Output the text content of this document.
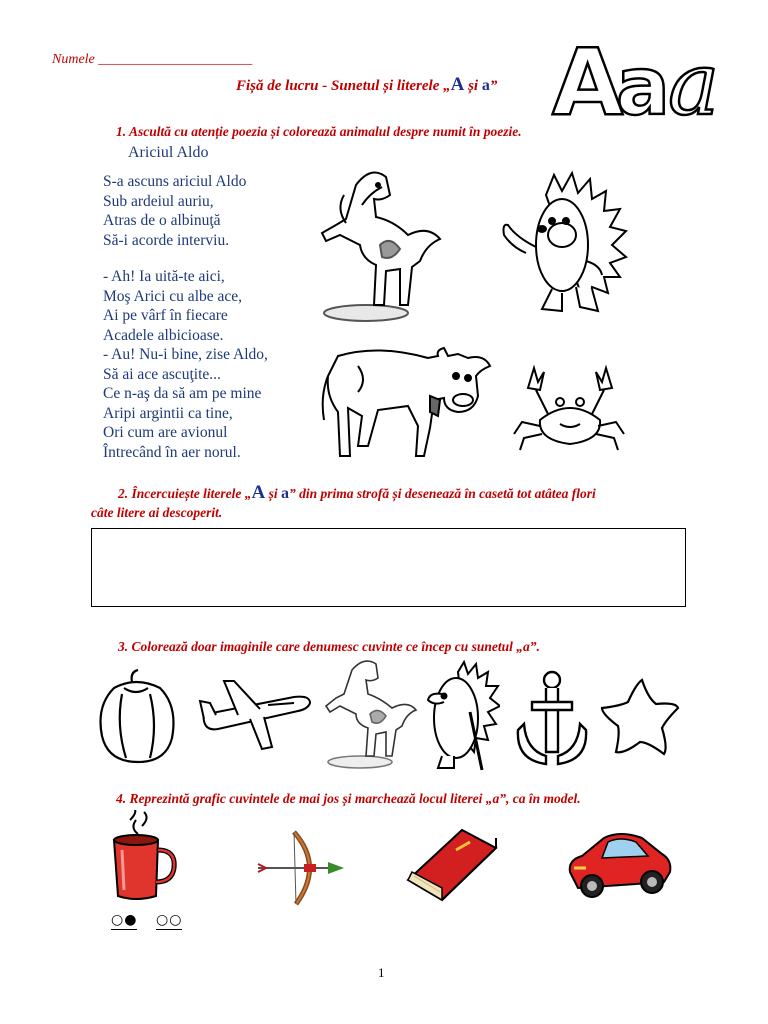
Numele ______________________
Fișă de lucru - Sunetul și literele „A și a” A
a
a
1. Ascultă cu atenție poezia și colorează animalul despre numit în poezie.
Ariciul Aldo
S-a ascuns ariciul Aldo
Sub ardeiul auriu,
Atras de o albinuţă
Să-i acorde interviu.
- Ah! Ia uită-te aici,
Moş Arici cu albe ace,
Ai pe vârf în fiecare
Acadele albicioase.
- Au! Nu-i bine, zise Aldo,
Să ai ace ascuţite...
Ce n-aş da să am pe mine
Aripi argintii ca tine,
Ori cum are avionul
Întrecând în aer norul.
2. Încercuiește literele „A și a” din prima strofă și desenează în casetă tot atâtea flori
câte litere ai descoperit.
3. Colorează doar imaginile care denumesc cuvinte ce încep cu sunetul „a”.
4. Reprezintă grafic cuvintele de mai jos și marchează locul literei „a”, ca în model.
○● ○○
1
